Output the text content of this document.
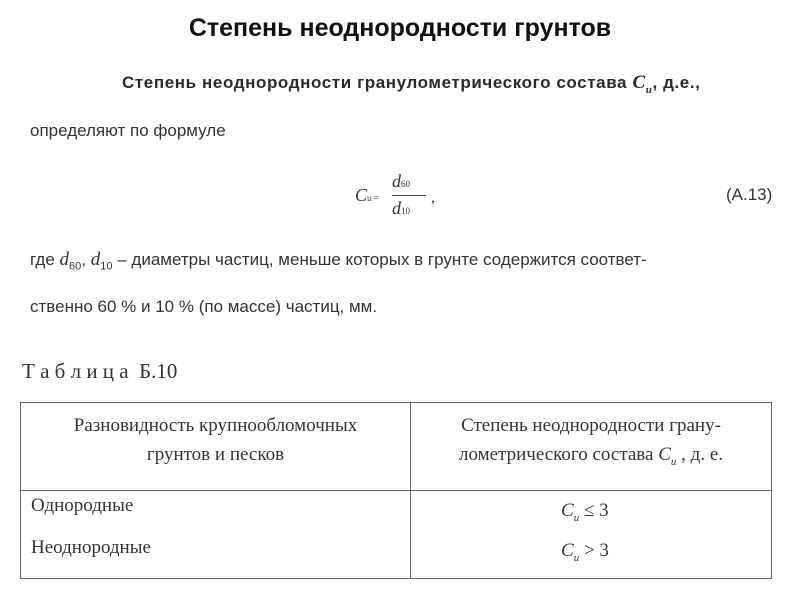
Степень неоднородности грунтов
Степень неоднородности гранулометрического состава $C_u$, д.е.,
определяют по формуле
Cu =
d60
d10
,	(А.13)
где $d_{60}$, $d_{10}$ – диаметры частиц, меньше которых в грунте содержится соответ-
ственно 60 % и 10 % (по массе) частиц, мм.
Т а б л и ц а  Б.10
Разновидность крупнообломочных
грунтов и песков
Степень неоднородности грану-
лометрического состава $C_u$ , д. е.
Однородные
Неоднородные
$C_u \le 3$
$C_u > 3$
